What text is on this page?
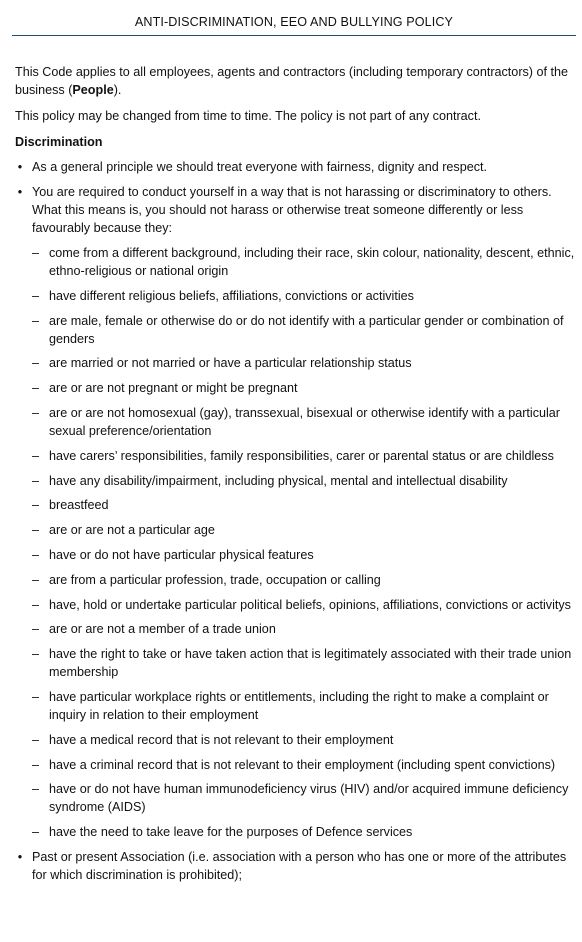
ANTI-DISCRIMINATION, EEO AND BULLYING POLICY

This Code applies to all employees, agents and contractors (including temporary contractors) of the business (People).

This policy may be changed from time to time. The policy is not part of any contract.

Discrimination
• As a general principle we should treat everyone with fairness, dignity and respect.
• You are required to conduct yourself in a way that is not harassing or discriminatory to others. What this means is, you should not harass or otherwise treat someone differently or less favourably because they:
– come from a different background, including their race, skin colour, nationality, descent, ethnic, ethno-religious or national origin
– have different religious beliefs, affiliations, convictions or activities
– are male, female or otherwise do or do not identify with a particular gender or combination of genders
– are married or not married or have a particular relationship status
– are or are not pregnant or might be pregnant
– are or are not homosexual (gay), transsexual, bisexual or otherwise identify with a particular sexual preference/orientation
– have carers’ responsibilities, family responsibilities, carer or parental status or are childless
– have any disability/impairment, including physical, mental and intellectual disability
– breastfeed
– are or are not a particular age
– have or do not have particular physical features
– are from a particular profession, trade, occupation or calling
– have, hold or undertake particular political beliefs, opinions, affiliations, convictions or activitys
– are or are not a member of a trade union
– have the right to take or have taken action that is legitimately associated with their trade union membership
– have particular workplace rights or entitlements, including the right to make a complaint or inquiry in relation to their employment
– have a medical record that is not relevant to their employment
– have a criminal record that is not relevant to their employment (including spent convictions)
– have or do not have human immunodeficiency virus (HIV) and/or acquired immune deficiency syndrome (AIDS)
– have the need to take leave for the purposes of Defence services
• Past or present Association (i.e. association with a person who has one or more of the attributes for which discrimination is prohibited);
